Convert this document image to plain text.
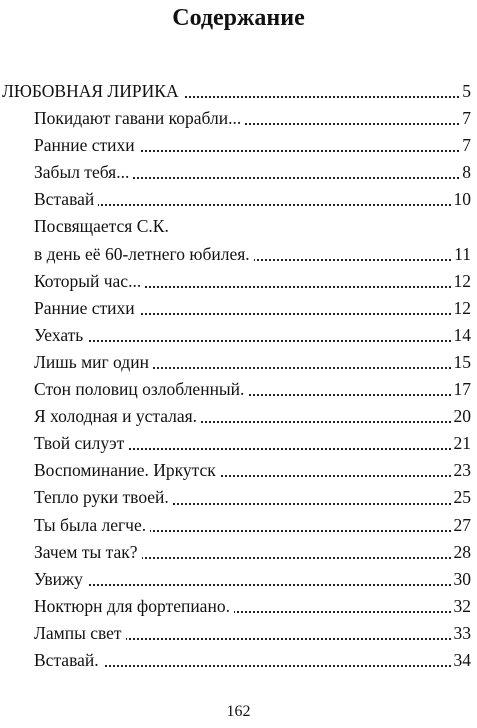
Содержание
ЛЮБОВНАЯ ЛИРИКА	5
Покидают гавани корабли...	7
Ранние стихи	7
Забыл тебя...	8
Вставай	10
Посвящается С.К.
в день её 60-летнего юбилея.	11
Который час...	12
Ранние стихи	12
Уехать	14
Лишь миг один	15
Стон половиц озлобленный.	17
Я холодная и усталая.	20
Твой силуэт	21
Воспоминание. Иркутск	23
Тепло руки твоей.	25
Ты была легче.	27
Зачем ты так?	28
Увижу	30
Ноктюрн для фортепиано.	32
Лампы свет	33
Вставай.	34
162
